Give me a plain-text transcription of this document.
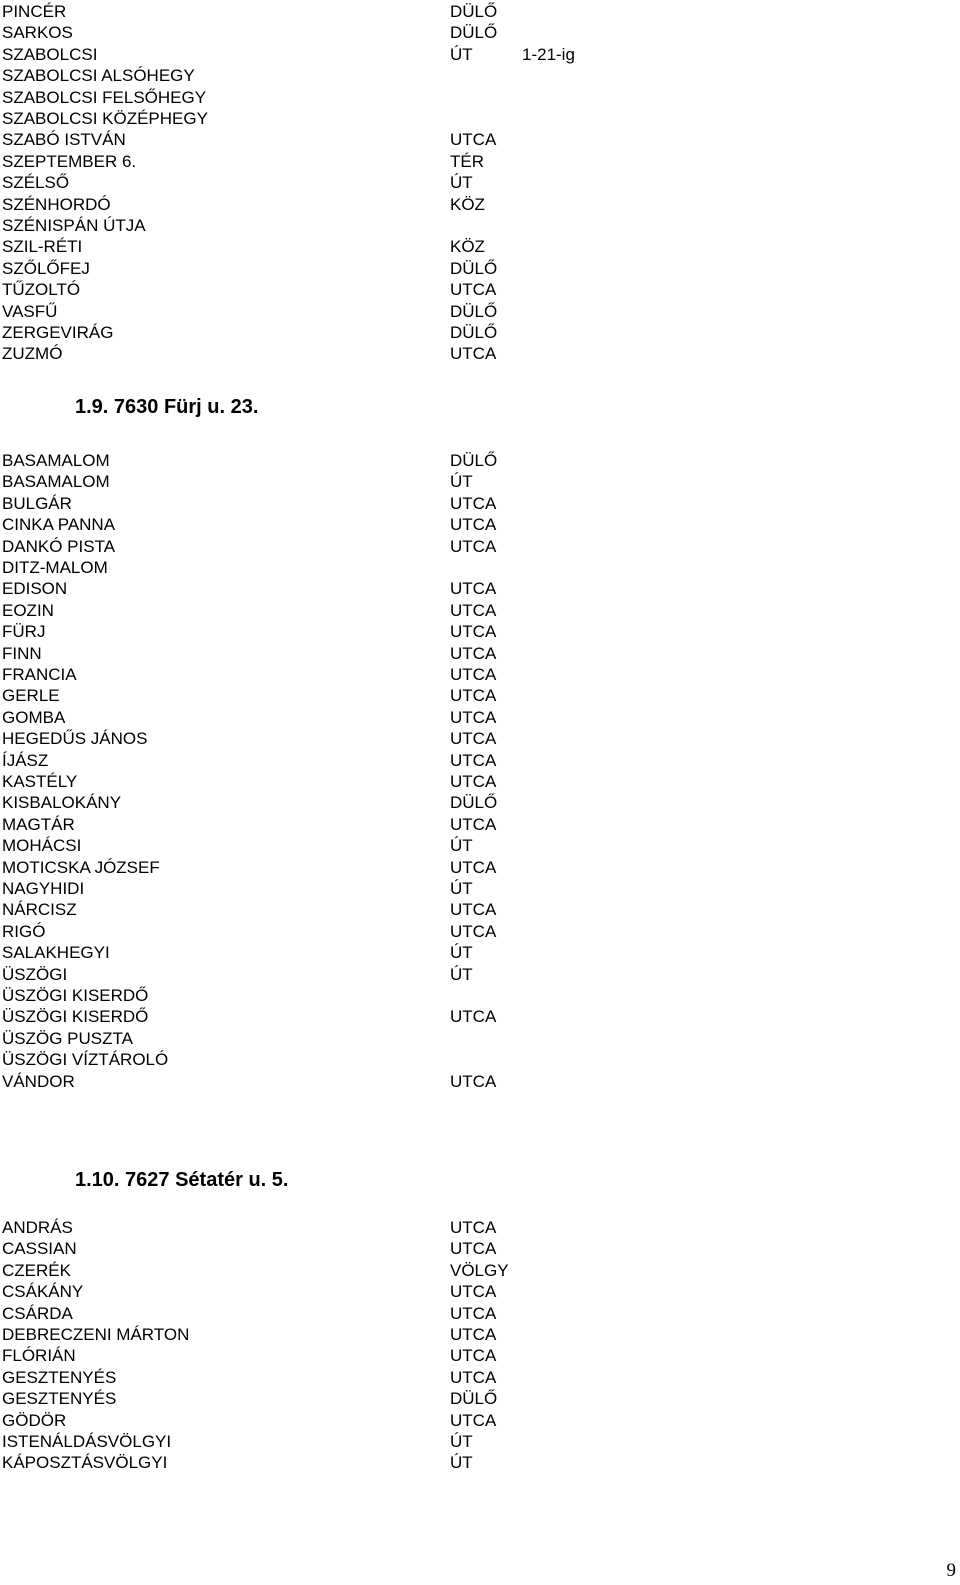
PINCÉR	DÜLŐ
SARKOS	DÜLŐ
SZABOLCSI	ÚT	1-21-ig
SZABOLCSI ALSÓHEGY
SZABOLCSI FELSŐHEGY
SZABOLCSI KÖZÉPHEGY
SZABÓ ISTVÁN	UTCA
SZEPTEMBER 6.	TÉR
SZÉLSŐ	ÚT
SZÉNHORDÓ	KÖZ
SZÉNISPÁN ÚTJA
SZIL-RÉTI	KÖZ
SZŐLŐFEJ	DÜLŐ
TŰZOLTÓ	UTCA
VASFŰ	DÜLŐ
ZERGEVIRÁG	DÜLŐ
ZUZMÓ	UTCA
1.9. 7630 Fürj u. 23.
BASAMALOM	DÜLŐ
BASAMALOM	ÚT
BULGÁR	UTCA
CINKA PANNA	UTCA
DANKÓ PISTA	UTCA
DITZ-MALOM
EDISON	UTCA
EOZIN	UTCA
FÜRJ	UTCA
FINN	UTCA
FRANCIA	UTCA
GERLE	UTCA
GOMBA	UTCA
HEGEDŰS JÁNOS	UTCA
ÍJÁSZ	UTCA
KASTÉLY	UTCA
KISBALOKÁNY	DÜLŐ
MAGTÁR	UTCA
MOHÁCSI	ÚT
MOTICSKA JÓZSEF	UTCA
NAGYHIDI	ÚT
NÁRCISZ	UTCA
RIGÓ	UTCA
SALAKHEGYI	ÚT
ÜSZÖGI	ÚT
ÜSZÖGI KISERDŐ
ÜSZÖGI KISERDŐ	UTCA
ÜSZÖG PUSZTA
ÜSZÖGI VÍZTÁROLÓ
VÁNDOR	UTCA
1.10. 7627 Sétatér u. 5.
ANDRÁS	UTCA
CASSIAN	UTCA
CZERÉK	VÖLGY
CSÁKÁNY	UTCA
CSÁRDA	UTCA
DEBRECZENI MÁRTON	UTCA
FLÓRIÁN	UTCA
GESZTENYÉS	UTCA
GESZTENYÉS	DÜLŐ
GÖDÖR	UTCA
ISTENÁLDÁSVÖLGYI	ÚT
KÁPOSZTÁSVÖLGYI	ÚT
9
